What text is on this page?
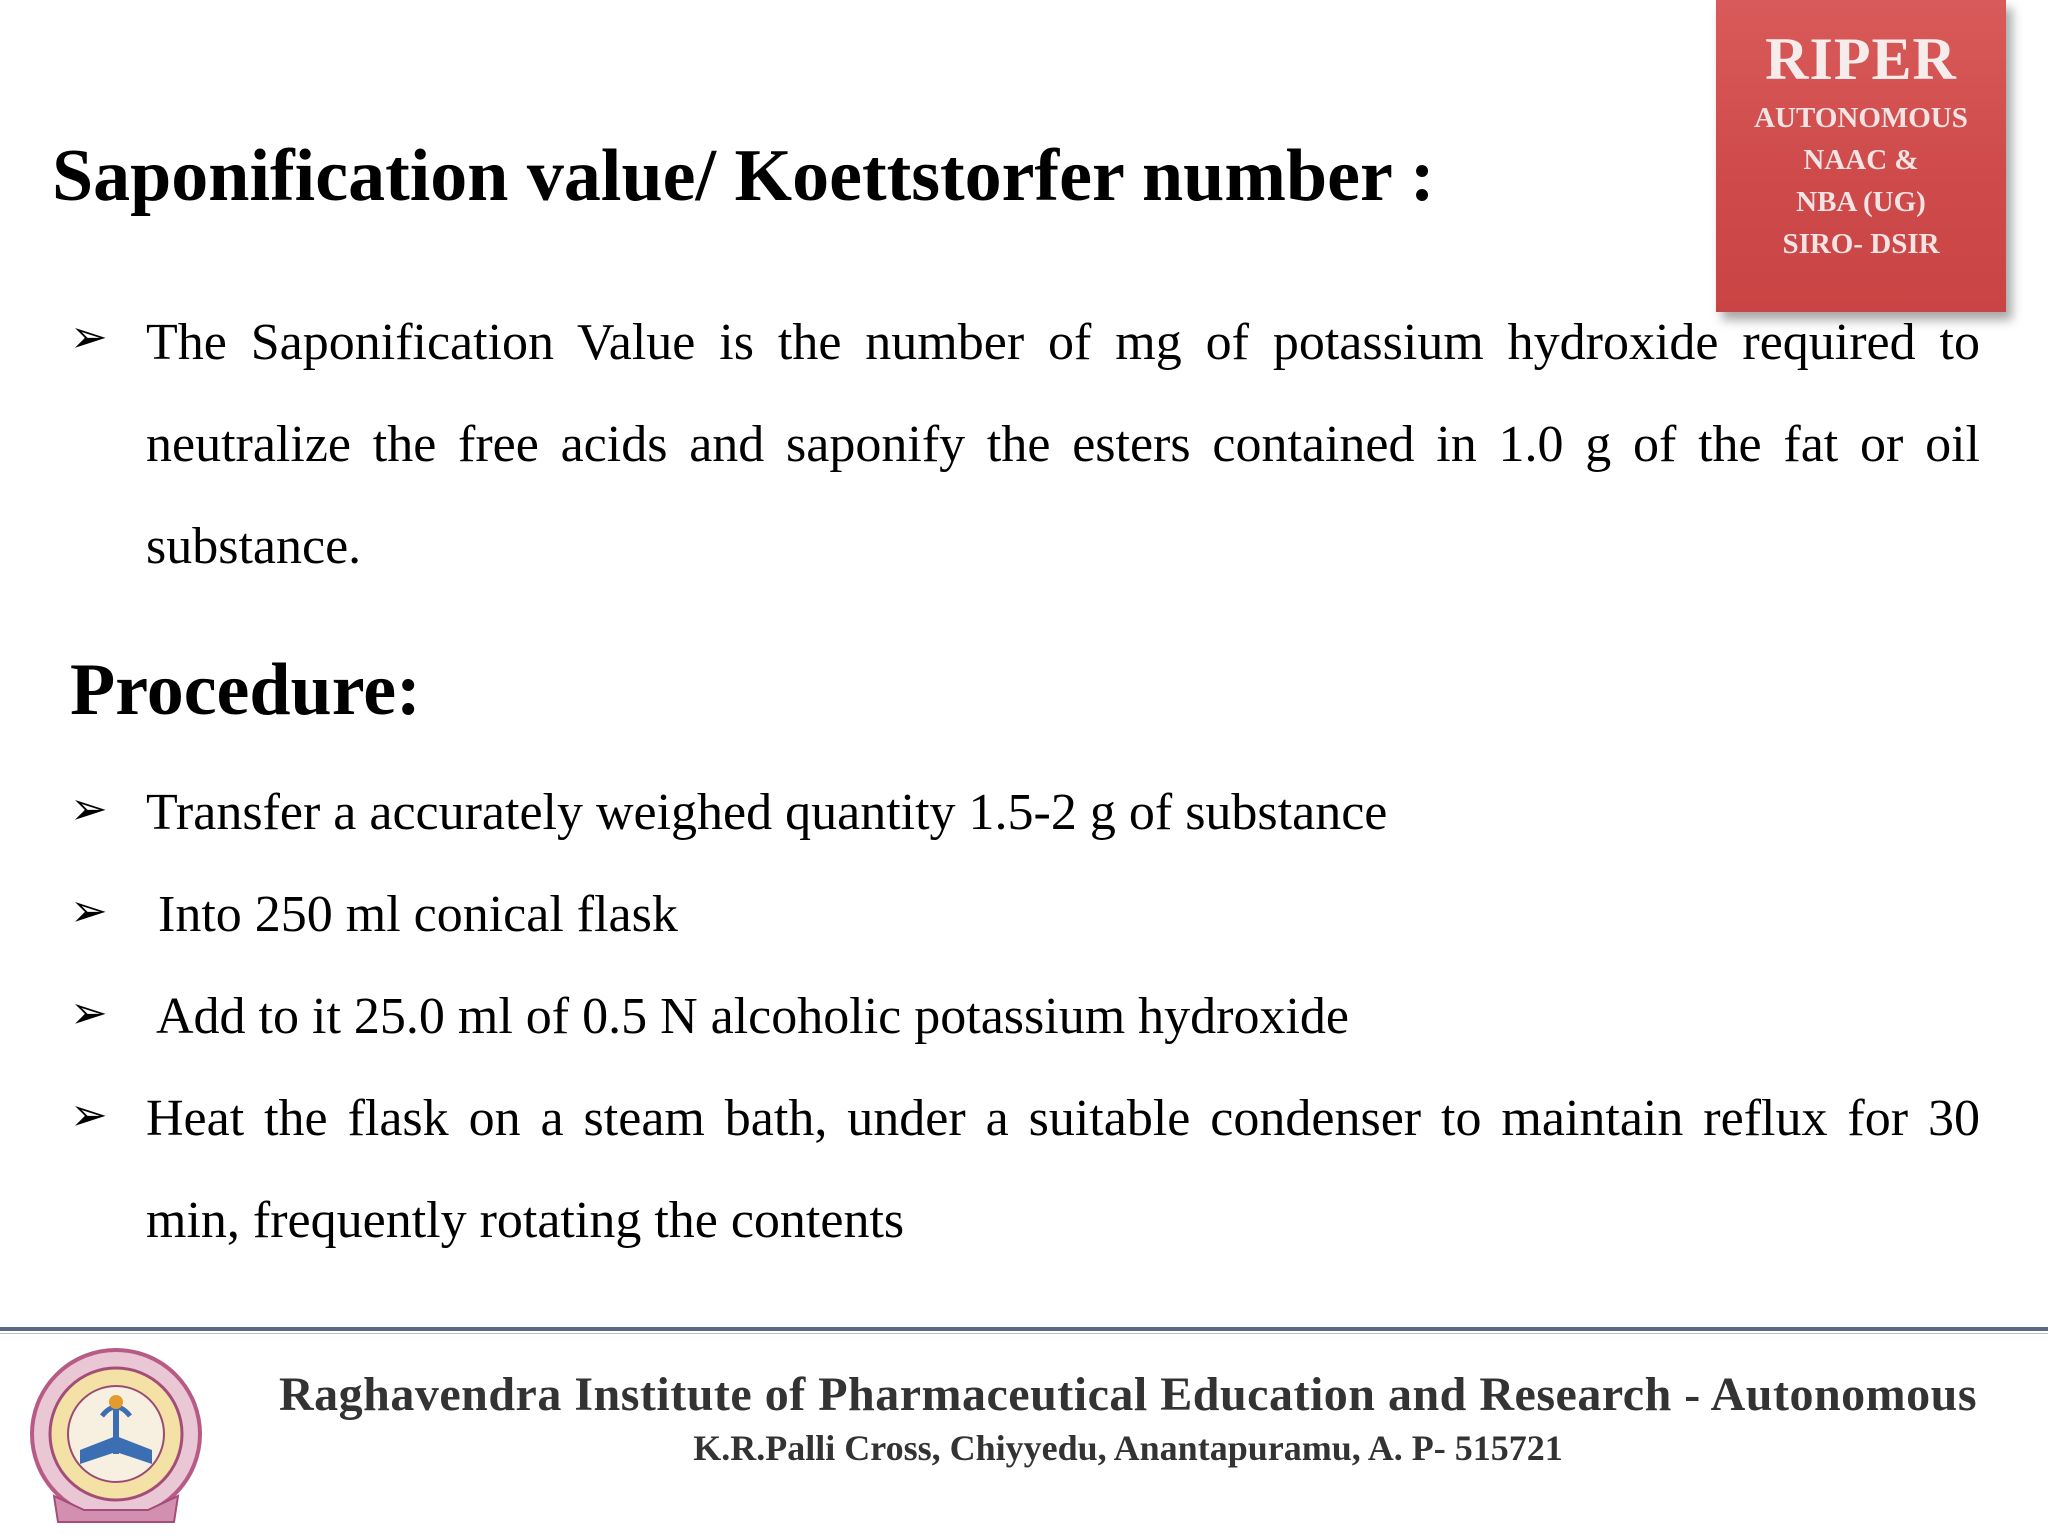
RIPER
AUTONOMOUS
NAAC &
NBA (UG)
SIRO- DSIR
Saponification value/ Koettstorfer number :
➢ The Saponification Value is the number of mg of potassium hydroxide required to neutralize the free acids and saponify the esters contained in 1.0 g of the fat or oil substance.
Procedure:
➢ Transfer a accurately weighed quantity 1.5-2 g of substance
➢ Into 250 ml conical flask
➢ Add to it 25.0 ml of 0.5 N alcoholic potassium hydroxide
➢ Heat the flask on a steam bath, under a suitable condenser to maintain reflux for 30 min, frequently rotating the contents
Raghavendra Institute of Pharmaceutical Education and Research - Autonomous
K.R.Palli Cross, Chiyyedu, Anantapuramu, A. P- 515721
